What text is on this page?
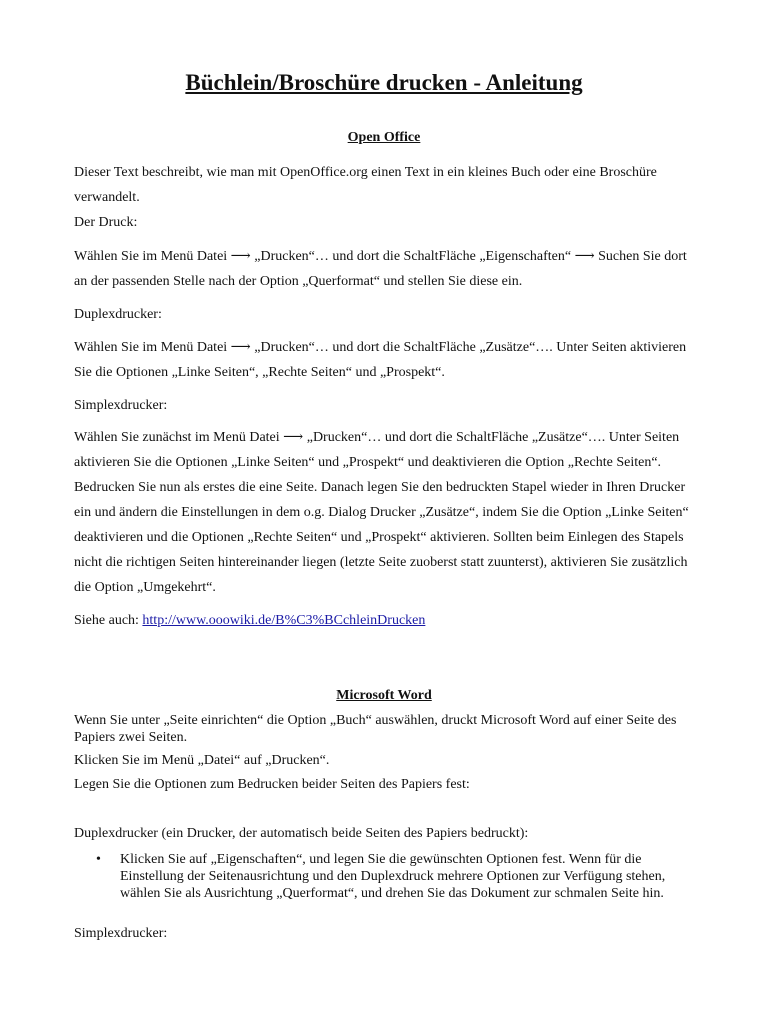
Büchlein/Broschüre drucken - Anleitung
Open Office

Dieser Text beschreibt, wie man mit OpenOffice.org einen Text in ein kleines Buch oder eine Broschüre verwandelt.

Der Druck:

Wählen Sie im Menü Datei ⟶ „Drucken“… und dort die SchaltFläche „Eigenschaften“ ⟶ Suchen Sie dort an der passenden Stelle nach der Option „Querformat“ und stellen Sie diese ein.

Duplexdrucker:

Wählen Sie im Menü Datei ⟶ „Drucken“… und dort die SchaltFläche „Zusätze“…. Unter Seiten aktivieren Sie die Optionen „Linke Seiten“, „Rechte Seiten“ und „Prospekt“.

Simplexdrucker:

Wählen Sie zunächst im Menü Datei ⟶ „Drucken“… und dort die SchaltFläche „Zusätze“…. Unter Seiten aktivieren Sie die Optionen „Linke Seiten“ und „Prospekt“ und deaktivieren die Option „Rechte Seiten“. Bedrucken Sie nun als erstes die eine Seite. Danach legen Sie den bedruckten Stapel wieder in Ihren Drucker ein und ändern die Einstellungen in dem o.g. Dialog Drucker „Zusätze“, indem Sie die Option „Linke Seiten“ deaktivieren und die Optionen „Rechte Seiten“ und „Prospekt“ aktivieren. Sollten beim Einlegen des Stapels nicht die richtigen Seiten hintereinander liegen (letzte Seite zuoberst statt zuunterst), aktivieren Sie zusätzlich die Option „Umgekehrt“.

Siehe auch: http://www.ooowiki.de/B%C3%BCchleinDrucken

Microsoft Word

Wenn Sie unter „Seite einrichten“ die Option „Buch“ auswählen, druckt Microsoft Word auf einer Seite des Papiers zwei Seiten.

Klicken Sie im Menü „Datei“ auf „Drucken“.

Legen Sie die Optionen zum Bedrucken beider Seiten des Papiers fest:

Duplexdrucker (ein Drucker, der automatisch beide Seiten des Papiers bedruckt):

• Klicken Sie auf „Eigenschaften“, und legen Sie die gewünschten Optionen fest. Wenn für die Einstellung der Seitenausrichtung und den Duplexdruck mehrere Optionen zur Verfügung stehen, wählen Sie als Ausrichtung „Querformat“, und drehen Sie das Dokument zur schmalen Seite hin.

Simplexdrucker:
